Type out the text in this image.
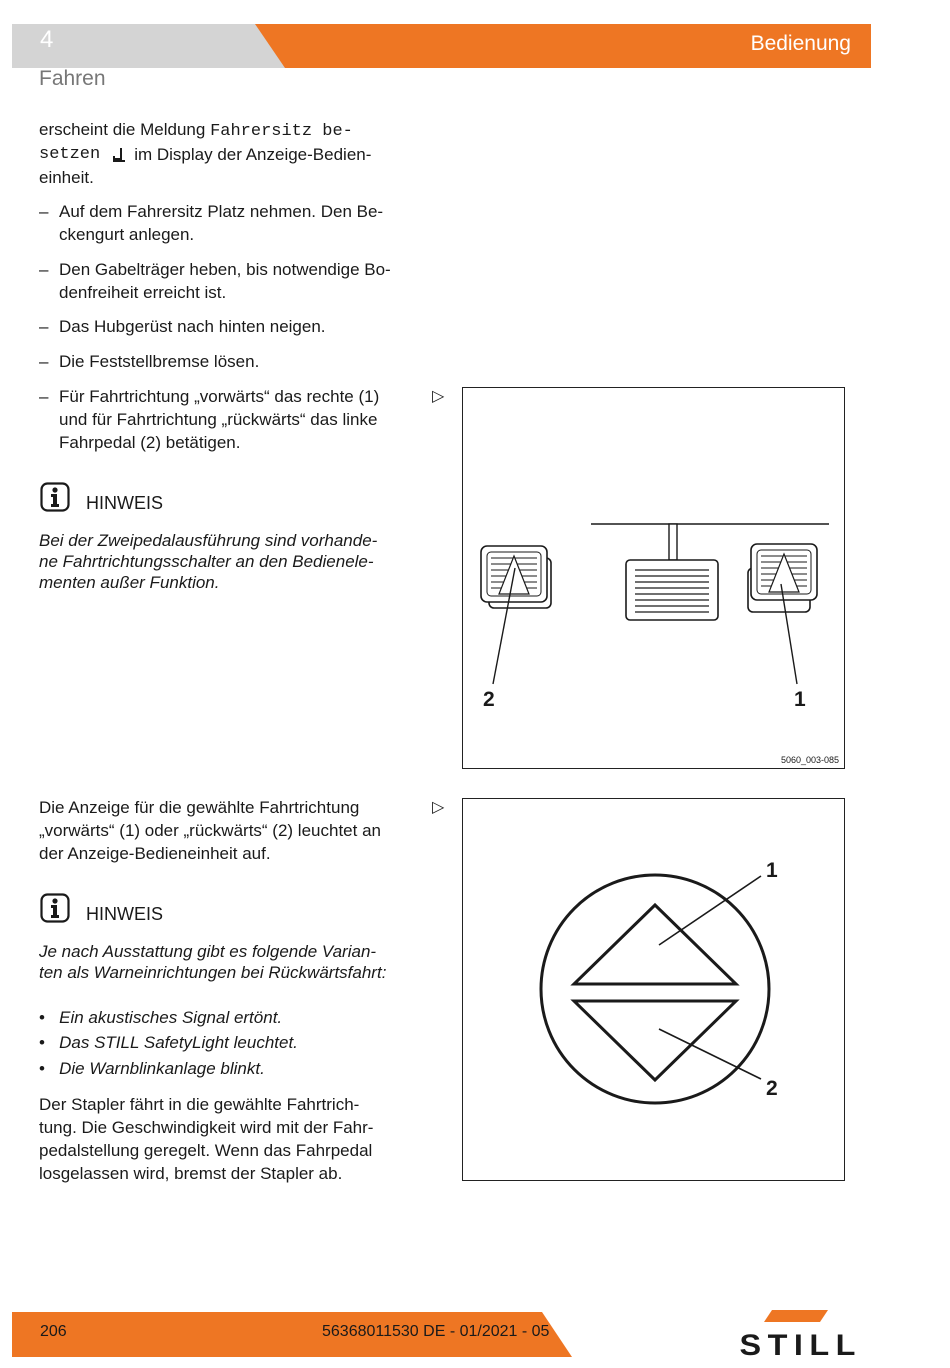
4	Bedienung
Fahren
erscheint die Meldung Fahrersitz be-
setzen im Display der Anzeige-Bedien-
einheit.
– Auf dem Fahrersitz Platz nehmen. Den Be-
ckengurt anlegen.
– Den Gabelträger heben, bis notwendige Bo-
denfreiheit erreicht ist.
– Das Hubgerüst nach hinten neigen.
– Die Feststellbremse lösen.
– Für Fahrtrichtung „vorwärts“ das rechte (1)
und für Fahrtrichtung „rückwärts“ das linke
Fahrpedal (2) betätigen.
▷
HINWEIS
Bei der Zweipedalausführung sind vorhande-
ne Fahrtrichtungsschalter an den Bedienele-
menten außer Funktion.
2	1
5060_003-085
Die Anzeige für die gewählte Fahrtrichtung
„vorwärts“ (1) oder „rückwärts“ (2) leuchtet an
der Anzeige-Bedieneinheit auf.
▷
HINWEIS
Je nach Ausstattung gibt es folgende Varian-
ten als Warneinrichtungen bei Rückwärtsfahrt:
• Ein akustisches Signal ertönt.
• Das STILL SafetyLight leuchtet.
• Die Warnblinkanlage blinkt.
Der Stapler fährt in die gewählte Fahrtrich-
tung. Die Geschwindigkeit wird mit der Fahr-
pedalstellung geregelt. Wenn das Fahrpedal
losgelassen wird, bremst der Stapler ab.
1
2
206	56368011530 DE - 01/2021 - 05	STILL
